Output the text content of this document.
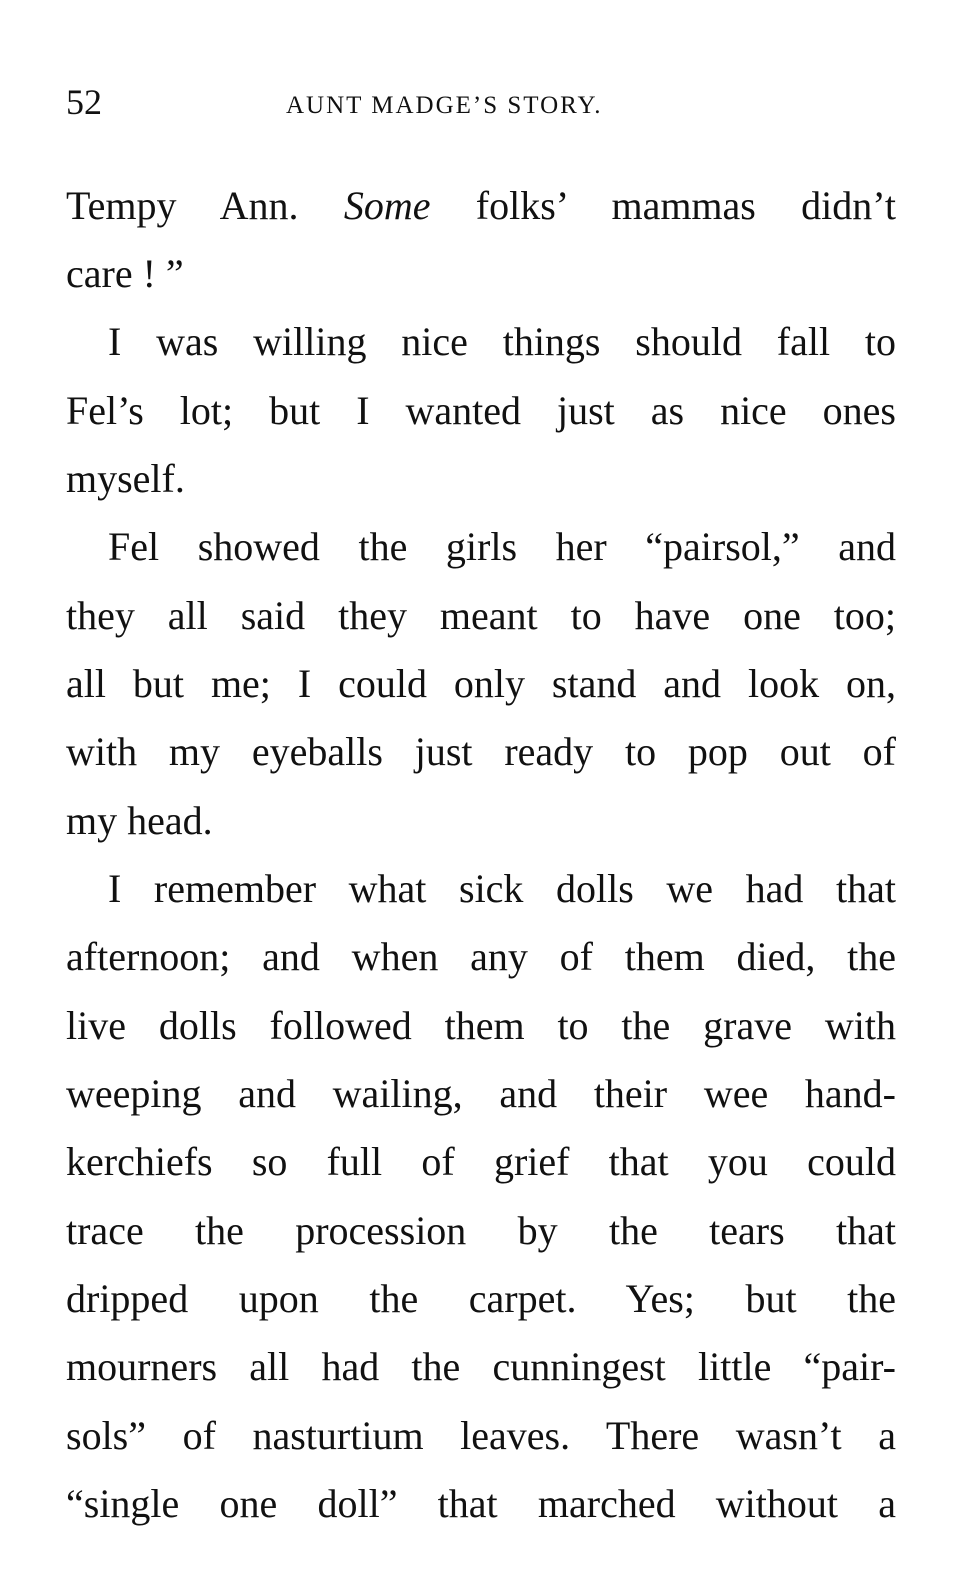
52	AUNT MADGE’S STORY.
Tempy Ann. Some folks’ mammas didn’t
care ! ”
I was willing nice things should fall to
Fel’s lot; but I wanted just as nice ones
myself.
Fel showed the girls her “pairsol,” and
they all said they meant to have one too;
all but me; I could only stand and look on,
with my eyeballs just ready to pop out of
my head.
I remember what sick dolls we had that
afternoon; and when any of them died, the
live dolls followed them to the grave with
weeping and wailing, and their wee hand-
kerchiefs so full of grief that you could
trace the procession by the tears that
dripped upon the carpet. Yes; but the
mourners all had the cunningest little “pair-
sols” of nasturtium leaves. There wasn’t a
“single one doll” that marched without a
